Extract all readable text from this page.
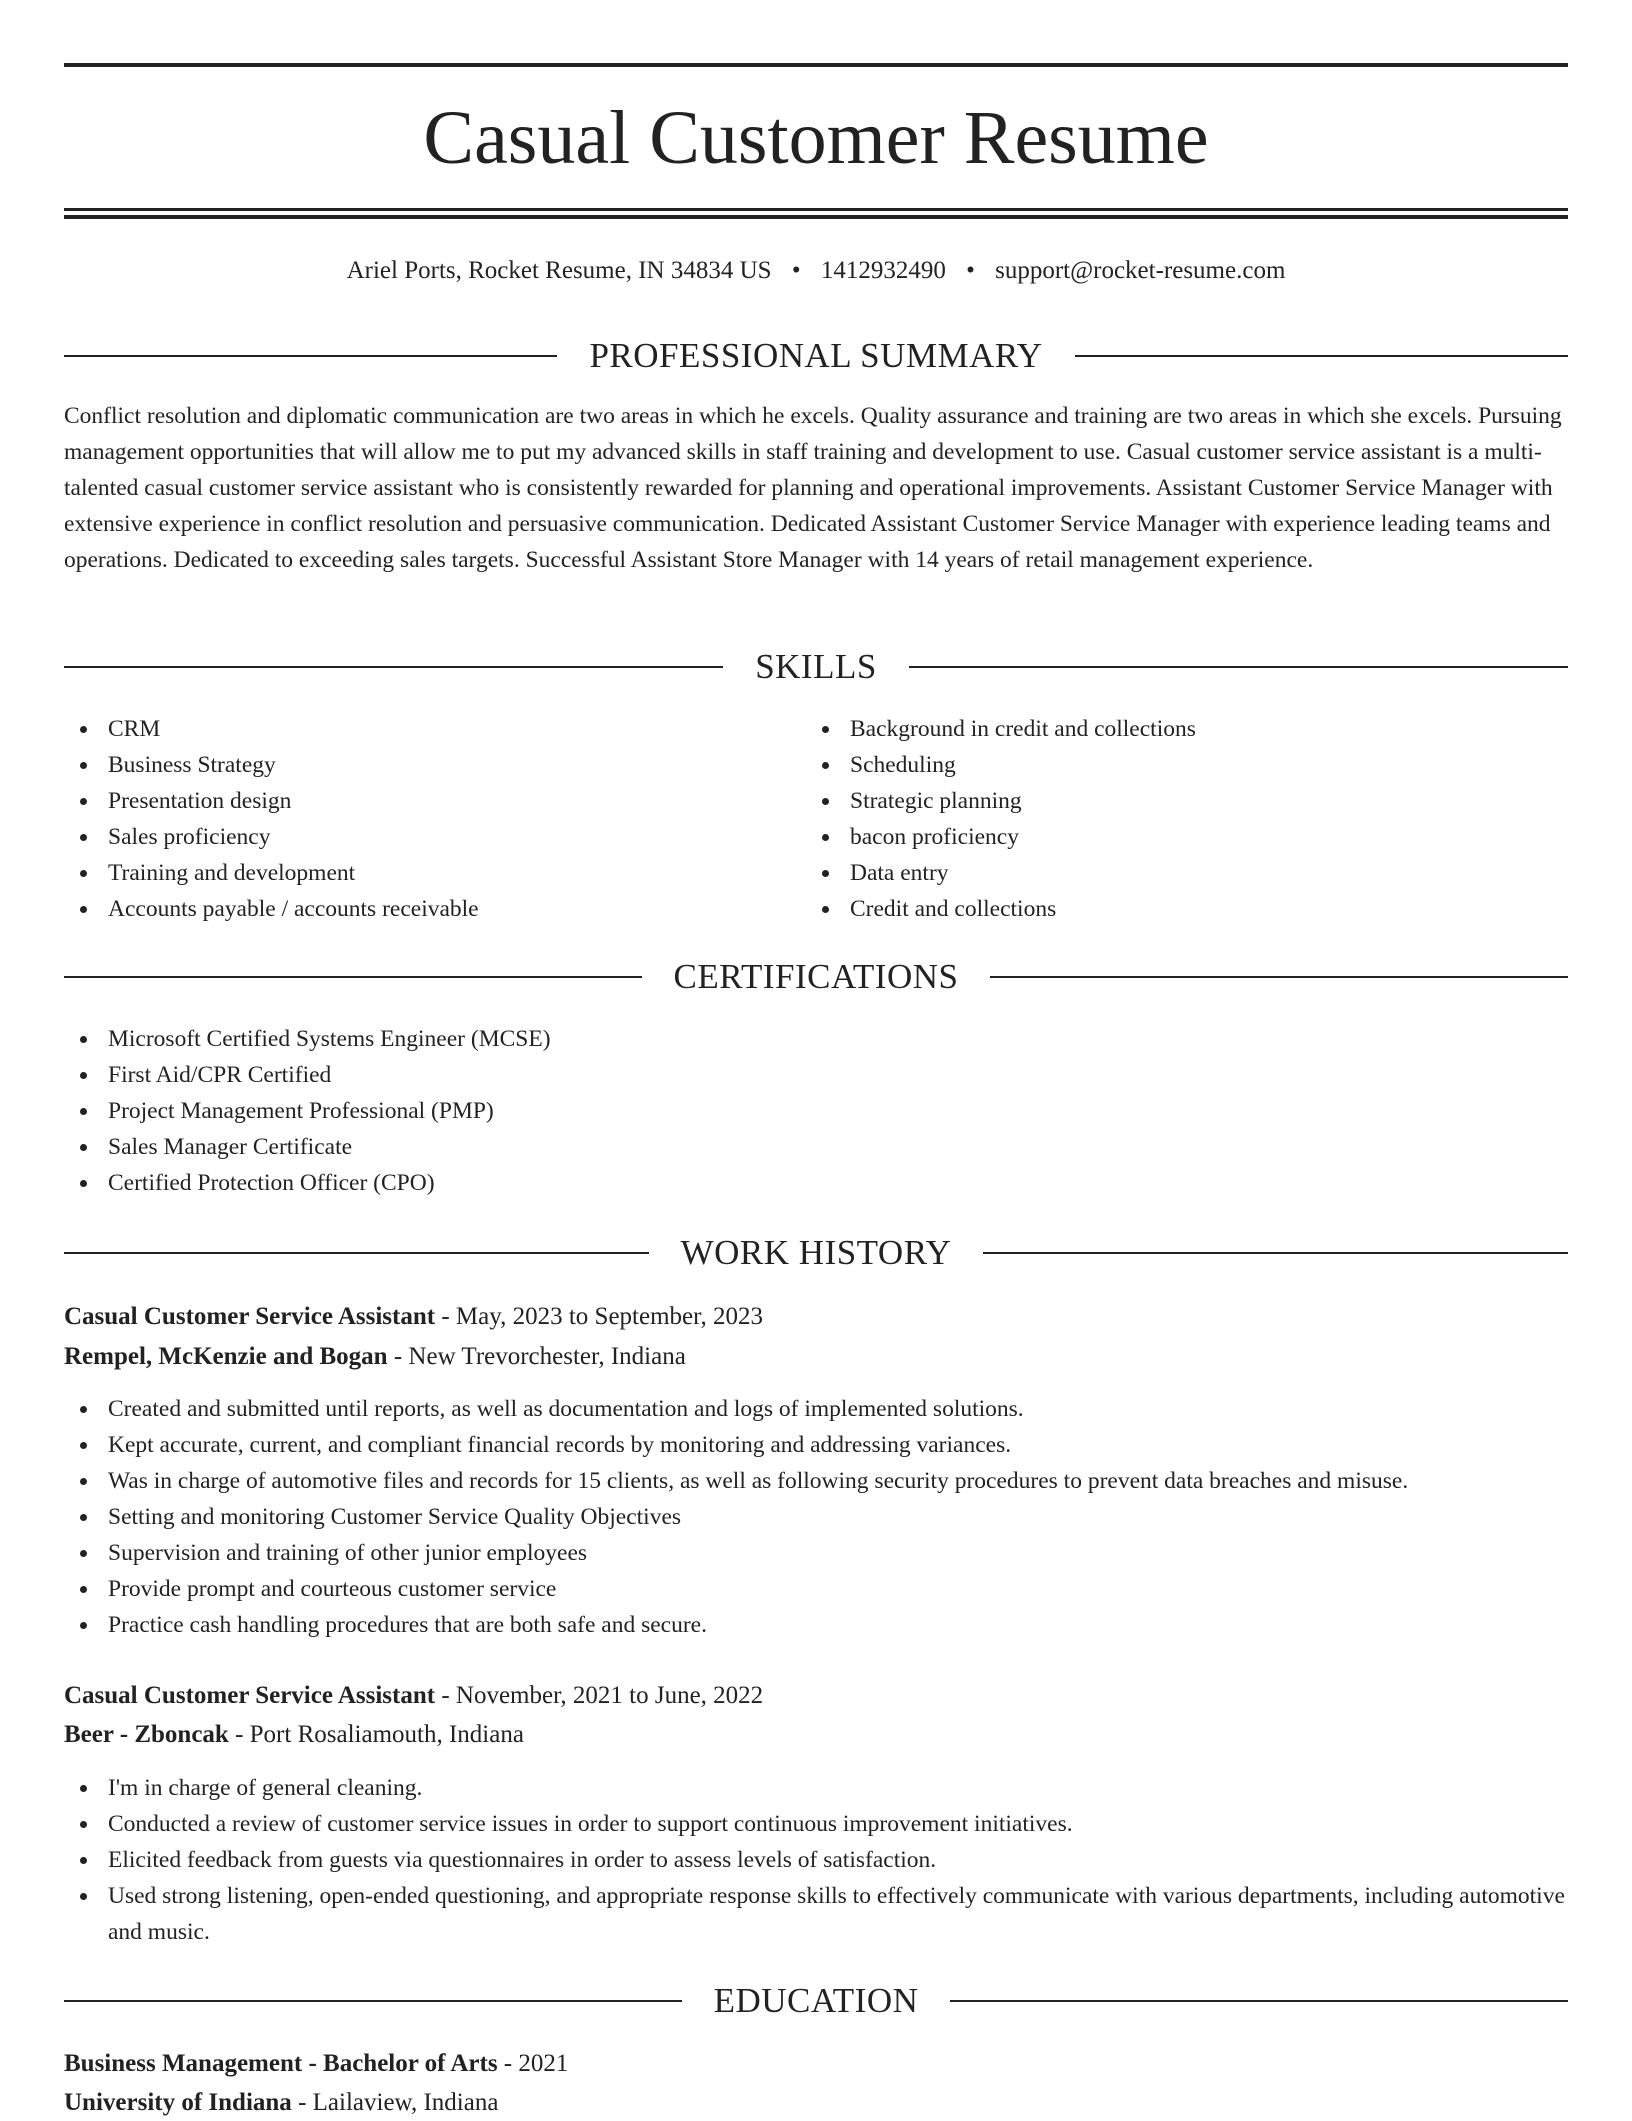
Casual Customer Resume
Ariel Ports, Rocket Resume, IN 34834 US • 1412932490 • support@rocket-resume.com
PROFESSIONAL SUMMARY

Conflict resolution and diplomatic communication are two areas in which he excels. Quality assurance and training are two areas in which she excels. Pursuing management opportunities that will allow me to put my advanced skills in staff training and development to use. Casual customer service assistant is a multi-talented casual customer service assistant who is consistently rewarded for planning and operational improvements. Assistant Customer Service Manager with extensive experience in conflict resolution and persuasive communication. Dedicated Assistant Customer Service Manager with experience leading teams and operations. Dedicated to exceeding sales targets. Successful Assistant Store Manager with 14 years of retail management experience.

SKILLS
CRM
Business Strategy
Presentation design
Sales proficiency
Training and development
Accounts payable / accounts receivable
Background in credit and collections
Scheduling
Strategic planning
bacon proficiency
Data entry
Credit and collections
CERTIFICATIONS
Microsoft Certified Systems Engineer (MCSE)
First Aid/CPR Certified
Project Management Professional (PMP)
Sales Manager Certificate
Certified Protection Officer (CPO)
WORK HISTORY
Casual Customer Service Assistant - May, 2023 to September, 2023
Rempel, McKenzie and Bogan - New Trevorchester, Indiana
Created and submitted until reports, as well as documentation and logs of implemented solutions.
Kept accurate, current, and compliant financial records by monitoring and addressing variances.
Was in charge of automotive files and records for 15 clients, as well as following security procedures to prevent data breaches and misuse.
Setting and monitoring Customer Service Quality Objectives
Supervision and training of other junior employees
Provide prompt and courteous customer service
Practice cash handling procedures that are both safe and secure.
Casual Customer Service Assistant - November, 2021 to June, 2022
Beer - Zboncak - Port Rosaliamouth, Indiana
I'm in charge of general cleaning.
Conducted a review of customer service issues in order to support continuous improvement initiatives.
Elicited feedback from guests via questionnaires in order to assess levels of satisfaction.
Used strong listening, open-ended questioning, and appropriate response skills to effectively communicate with various departments, including automotive and music.
EDUCATION
Business Management - Bachelor of Arts - 2021
University of Indiana - Lailaview, Indiana
